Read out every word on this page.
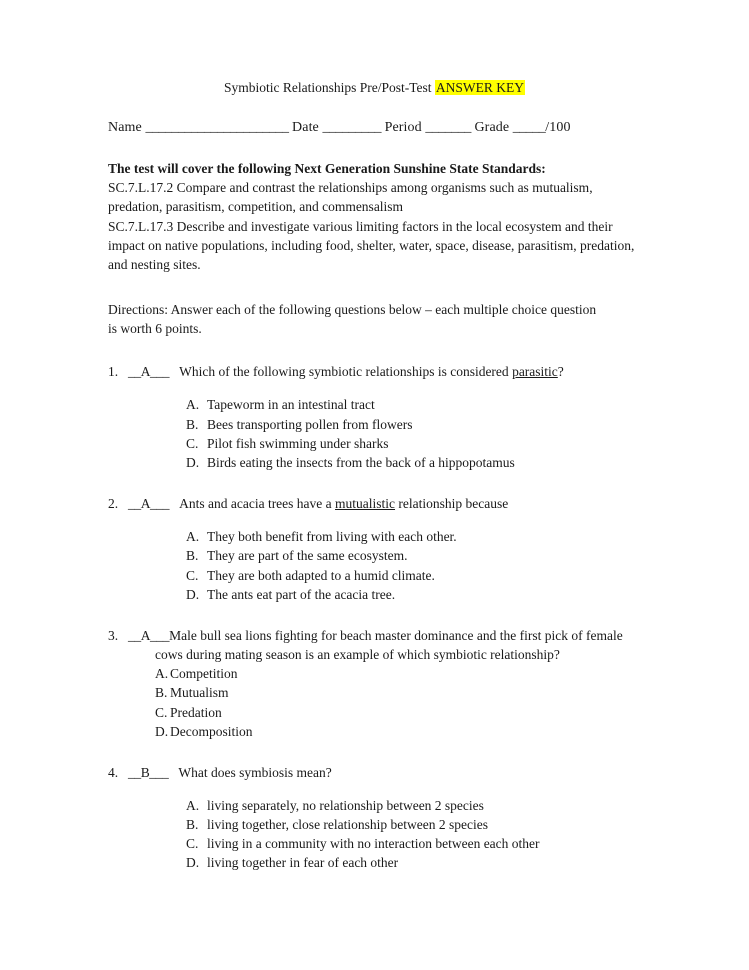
Symbiotic Relationships Pre/Post-Test ANSWER KEY
Name ______________________ Date _________ Period _______ Grade _____/100

The test will cover the following Next Generation Sunshine State Standards:

SC.7.L.17.2 Compare and contrast the relationships among organisms such as mutualism, predation, parasitism, competition, and commensalism

SC.7.L.17.3 Describe and investigate various limiting factors in the local ecosystem and their impact on native populations, including food, shelter, water, space, disease, parasitism, predation, and nesting sites.

Directions: Answer each of the following questions below – each multiple choice question is worth 6 points.

1. __A___ Which of the following symbiotic relationships is considered parasitic?

A. Tapeworm in an intestinal tract
B. Bees transporting pollen from flowers
C. Pilot fish swimming under sharks
D. Birds eating the insects from the back of a hippopotamus

2. __A___ Ants and acacia trees have a mutualistic relationship because

A. They both benefit from living with each other.
B. They are part of the same ecosystem.
C. They are both adapted to a humid climate.
D. The ants eat part of the acacia tree.

3. __A___Male bull sea lions fighting for beach master dominance and the first pick of female cows during mating season is an example of which symbiotic relationship?

A. Competition
B. Mutualism
C. Predation
D. Decomposition

4. __B___ What does symbiosis mean?

A. living separately, no relationship between 2 species
B. living together, close relationship between 2 species
C. living in a community with no interaction between each other
D. living together in fear of each other
